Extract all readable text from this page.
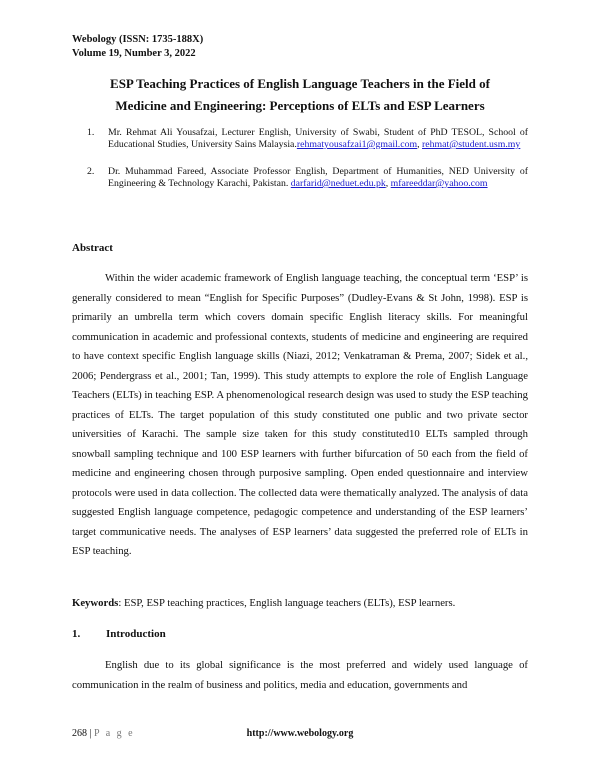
Webology (ISSN: 1735-188X)
Volume 19, Number 3, 2022
ESP Teaching Practices of English Language Teachers in the Field of
Medicine and Engineering: Perceptions of ELTs and ESP Learners
1.	Mr. Rehmat Ali Yousafzai, Lecturer English, University of Swabi, Student of PhD TESOL, School of Educational Studies, University Sains Malaysia.rehmatyousafzai1@gmail.com, rehmat@student.usm.my
2.	Dr. Muhammad Fareed, Associate Professor English, Department of Humanities, NED University of Engineering & Technology Karachi, Pakistan. darfarid@neduet.edu.pk, mfareeddar@yahoo.com
Abstract

Within the wider academic framework of English language teaching, the conceptual term ‘ESP’ is generally considered to mean “English for Specific Purposes” (Dudley-Evans & St John, 1998). ESP is primarily an umbrella term which covers domain specific English literacy skills. For meaningful communication in academic and professional contexts, students of medicine and engineering are required to have context specific English language skills (Niazi, 2012; Venkatraman & Prema, 2007; Sidek et al., 2006; Pendergrass et al., 2001; Tan, 1999). This study attempts to explore the role of English Language Teachers (ELTs) in teaching ESP. A phenomenological research design was used to study the ESP teaching practices of ELTs. The target population of this study constituted one public and two private sector universities of Karachi. The sample size taken for this study constituted10 ELTs sampled through snowball sampling technique and 100 ESP learners with further bifurcation of 50 each from the field of medicine and engineering chosen through purposive sampling. Open ended questionnaire and interview protocols were used in data collection. The collected data were thematically analyzed. The analysis of data suggested English language competence, pedagogic competence and understanding of the ESP learners’ target communicative needs. The analyses of ESP learners’ data suggested the preferred role of ELTs in ESP teaching.

Keywords: ESP, ESP teaching practices, English language teachers (ELTs), ESP learners.
1. Introduction

English due to its global significance is the most preferred and widely used language of communication in the realm of business and politics, media and education, governments and

268 | P a g e	http://www.webology.org
